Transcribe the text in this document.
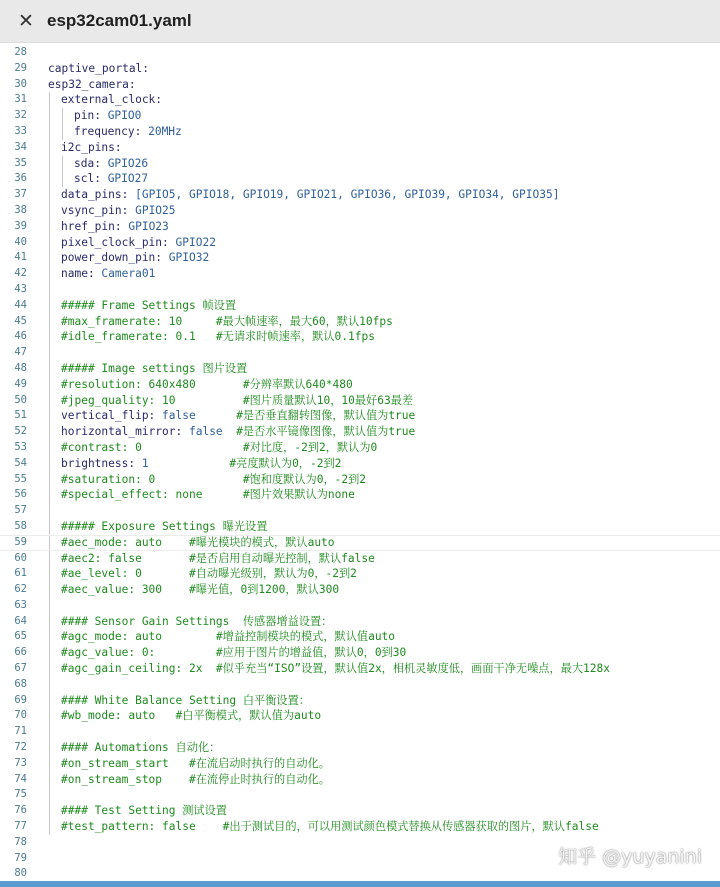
✕ esp32cam01.yaml
28
29 captive_portal:
30 esp32_camera:
31	external_clock:
32	pin: GPIO0
33	frequency: 20MHz
34	i2c_pins:
35	sda: GPIO26
36	scl: GPIO27
37	data_pins: [GPIO5, GPIO18, GPIO19, GPIO21, GPIO36, GPIO39, GPIO34, GPIO35]
38	vsync_pin: GPIO25
39	href_pin: GPIO23
40	pixel_clock_pin: GPIO22
41	power_down_pin: GPIO32
42	name: Camera01
43
44	##### Frame Settings 帧设置
45	#max_framerate: 10     #最大帧速率，最大60，默认10fps
46	#idle_framerate: 0.1   #无请求时帧速率，默认0.1fps
47
48	##### Image settings 图片设置
49	#resolution: 640x480       #分辨率默认640*480
50	#jpeg_quality: 10          #图片质量默认10，10最好63最差
51	vertical_flip: false      #是否垂直翻转图像，默认值为true
52	horizontal_mirror: false  #是否水平镜像图像，默认值为true
53	#contrast: 0               #对比度，-2到2，默认为0
54	brightness: 1            #亮度默认为0，-2到2
55	#saturation: 0             #饱和度默认为0，-2到2
56	#special_effect: none      #图片效果默认为none
57
58	##### Exposure Settings 曝光设置
59	#aec_mode: auto    #曝光模块的模式，默认auto
60	#aec2: false       #是否启用自动曝光控制，默认false
61	#ae_level: 0       #自动曝光级别，默认为0，-2到2
62	#aec_value: 300    #曝光值，0到1200，默认300
63
64	#### Sensor Gain Settings  传感器增益设置：
65	#agc_mode: auto        #增益控制模块的模式，默认值auto
66	#agc_value: 0:         #应用于图片的增益值，默认0，0到30
67	#agc_gain_ceiling: 2x  #似乎充当“ISO”设置，默认值2x，相机灵敏度低，画面干净无噪点，最大128x
68
69	#### White Balance Setting 白平衡设置：
70	#wb_mode: auto   #白平衡模式，默认值为auto
71
72	#### Automations 自动化：
73	#on_stream_start   #在流启动时执行的自动化。
74	#on_stream_stop    #在流停止时执行的自动化。
75
76	#### Test Setting 测试设置
77	#test_pattern: false    #出于测试目的，可以用测试颜色模式替换从传感器获取的图片，默认false
78
79
80
知乎 @yuyanini
